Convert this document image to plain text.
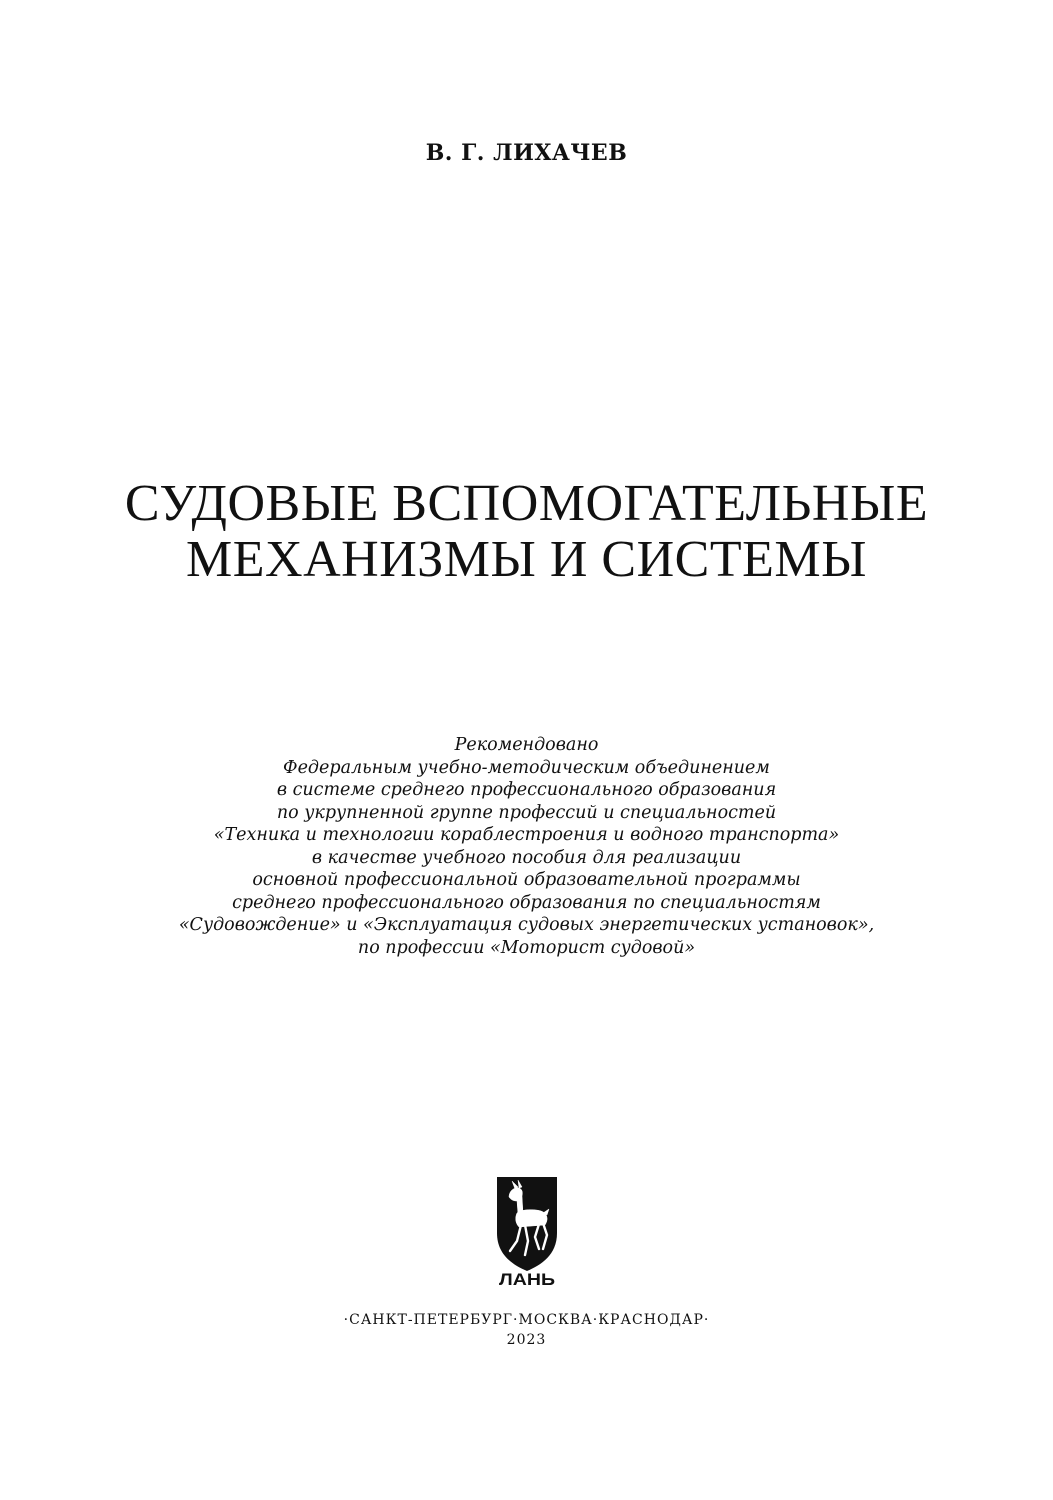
В. Г. ЛИХАЧЕВ
СУДОВЫЕ ВСПОМОГАТЕЛЬНЫЕ
МЕХАНИЗМЫ И СИСТЕМЫ
Рекомендовано
Федеральным учебно-методическим объединением
в системе среднего профессионального образования
по укрупненной группе профессий и специальностей
«Техника и технологии кораблестроения и водного транспорта»
в качестве учебного пособия для реализации
основной профессиональной образовательной программы
среднего профессионального образования по специальностям
«Судовождение» и «Эксплуатация судовых энергетических установок»,
по профессии «Моторист судовой»
ЛАНЬ
·САНКТ-ПЕТЕРБУРГ·МОСКВА·КРАСНОДАР·
2023
